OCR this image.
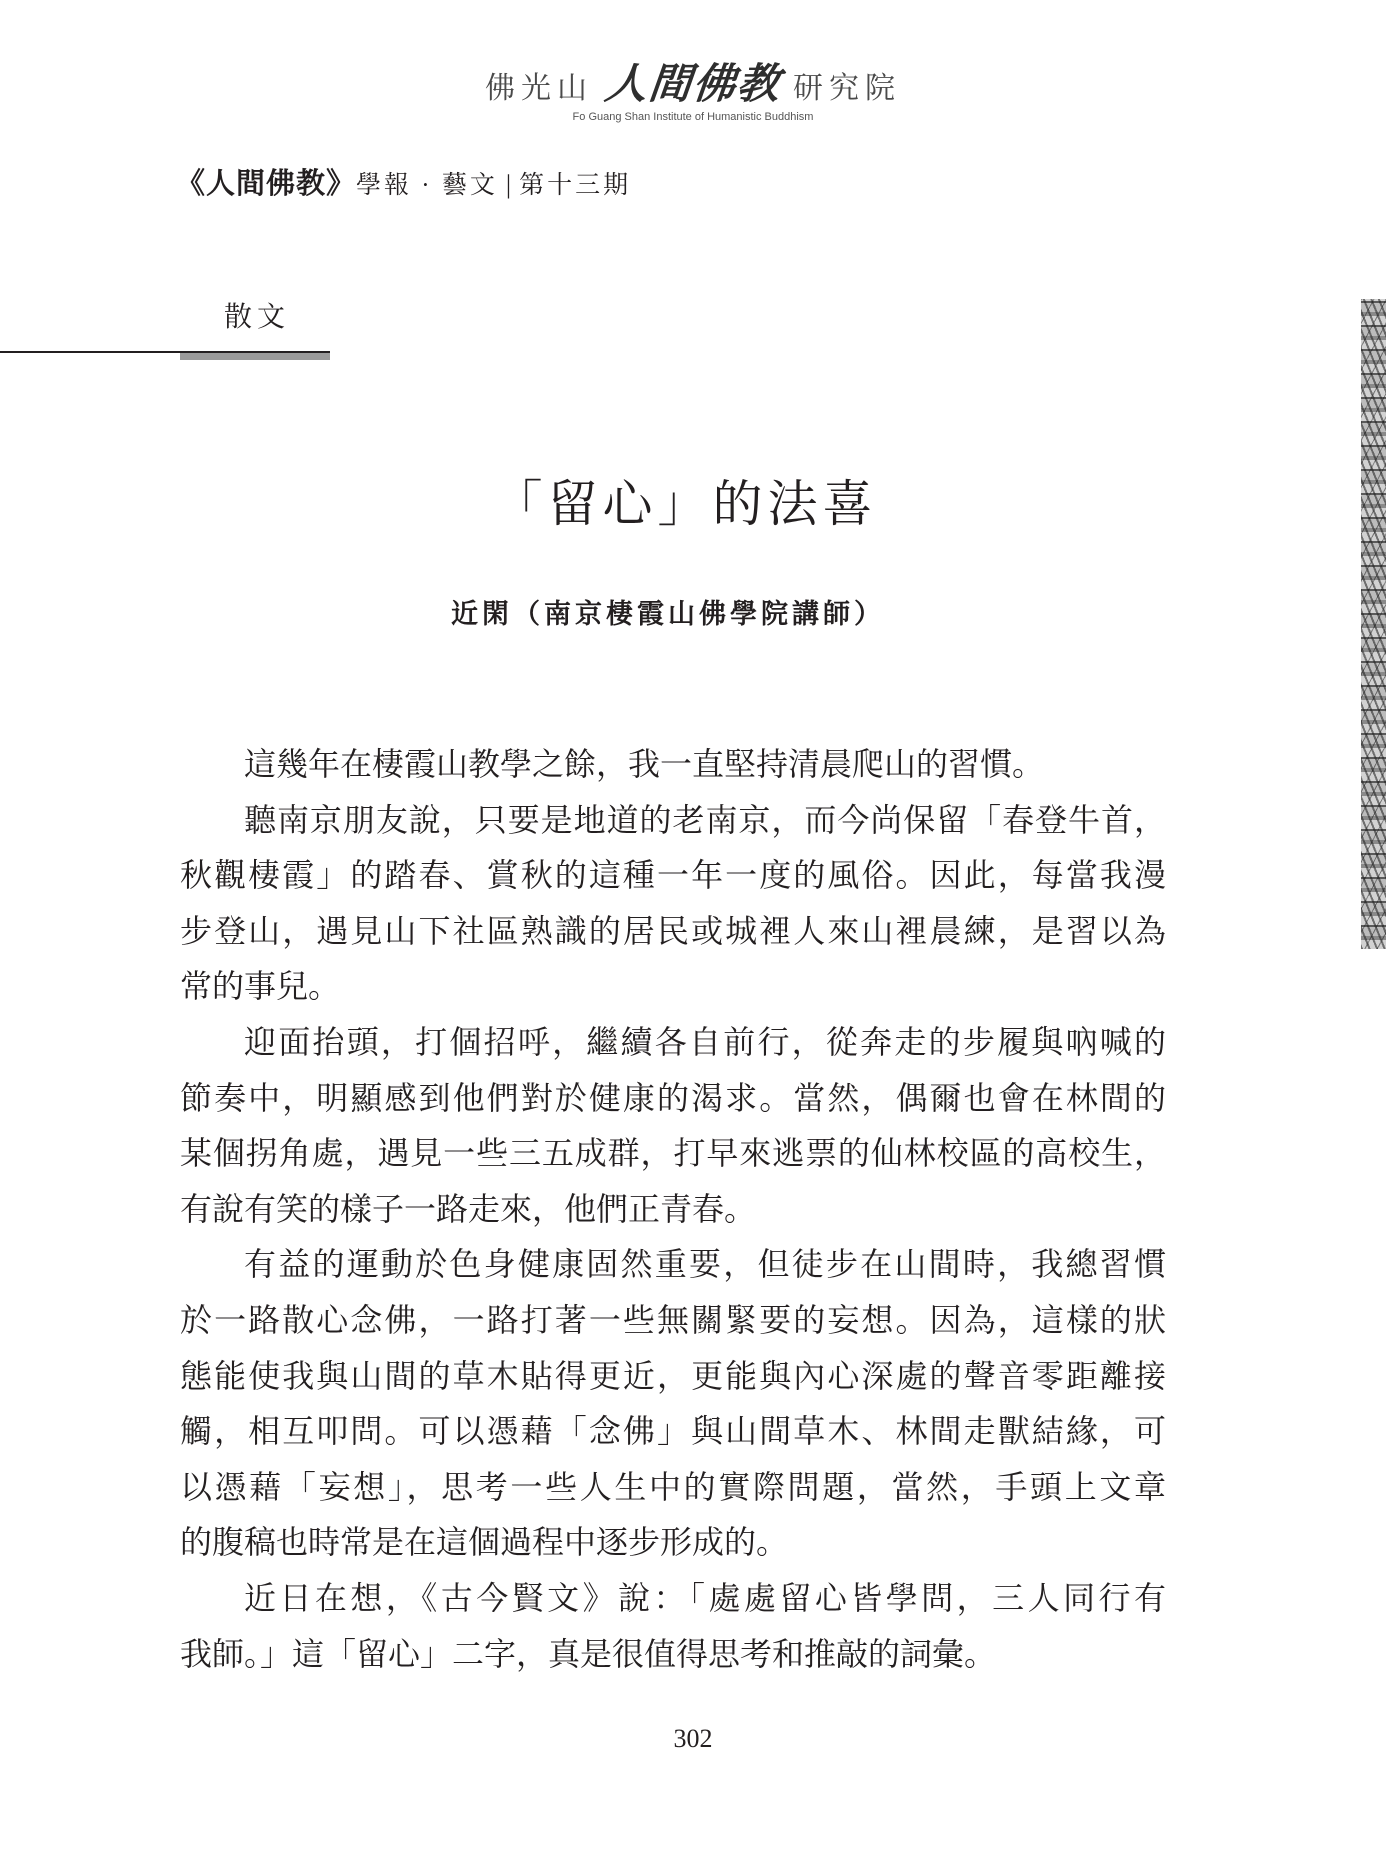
佛光山 人間佛教 研究院
Fo Guang Shan Institute of Humanistic Buddhism
《人間佛教》學報 · 藝文 | 第十三期
散文
「留心」的法喜
近閑（南京棲霞山佛學院講師）
這幾年在棲霞山教學之餘，我一直堅持清晨爬山的習慣。
聽南京朋友說，只要是地道的老南京，而今尚保留「春登牛首，
秋觀棲霞」的踏春、賞秋的這種一年一度的風俗。因此，每當我漫
步登山，遇見山下社區熟識的居民或城裡人來山裡晨練，是習以為
常的事兒。
迎面抬頭，打個招呼，繼續各自前行，從奔走的步履與吶喊的
節奏中，明顯感到他們對於健康的渴求。當然，偶爾也會在林間的
某個拐角處，遇見一些三五成群，打早來逃票的仙林校區的高校生，
有說有笑的樣子一路走來，他們正青春。
有益的運動於色身健康固然重要，但徒步在山間時，我總習慣
於一路散心念佛，一路打著一些無關緊要的妄想。因為，這樣的狀
態能使我與山間的草木貼得更近，更能與內心深處的聲音零距離接
觸，相互叩問。可以憑藉「念佛」與山間草木、林間走獸結緣，可
以憑藉「妄想」，思考一些人生中的實際問題，當然，手頭上文章
的腹稿也時常是在這個過程中逐步形成的。
近日在想，《古今賢文》說：「處處留心皆學問，三人同行有
我師。」這「留心」二字，真是很值得思考和推敲的詞彙。
302
